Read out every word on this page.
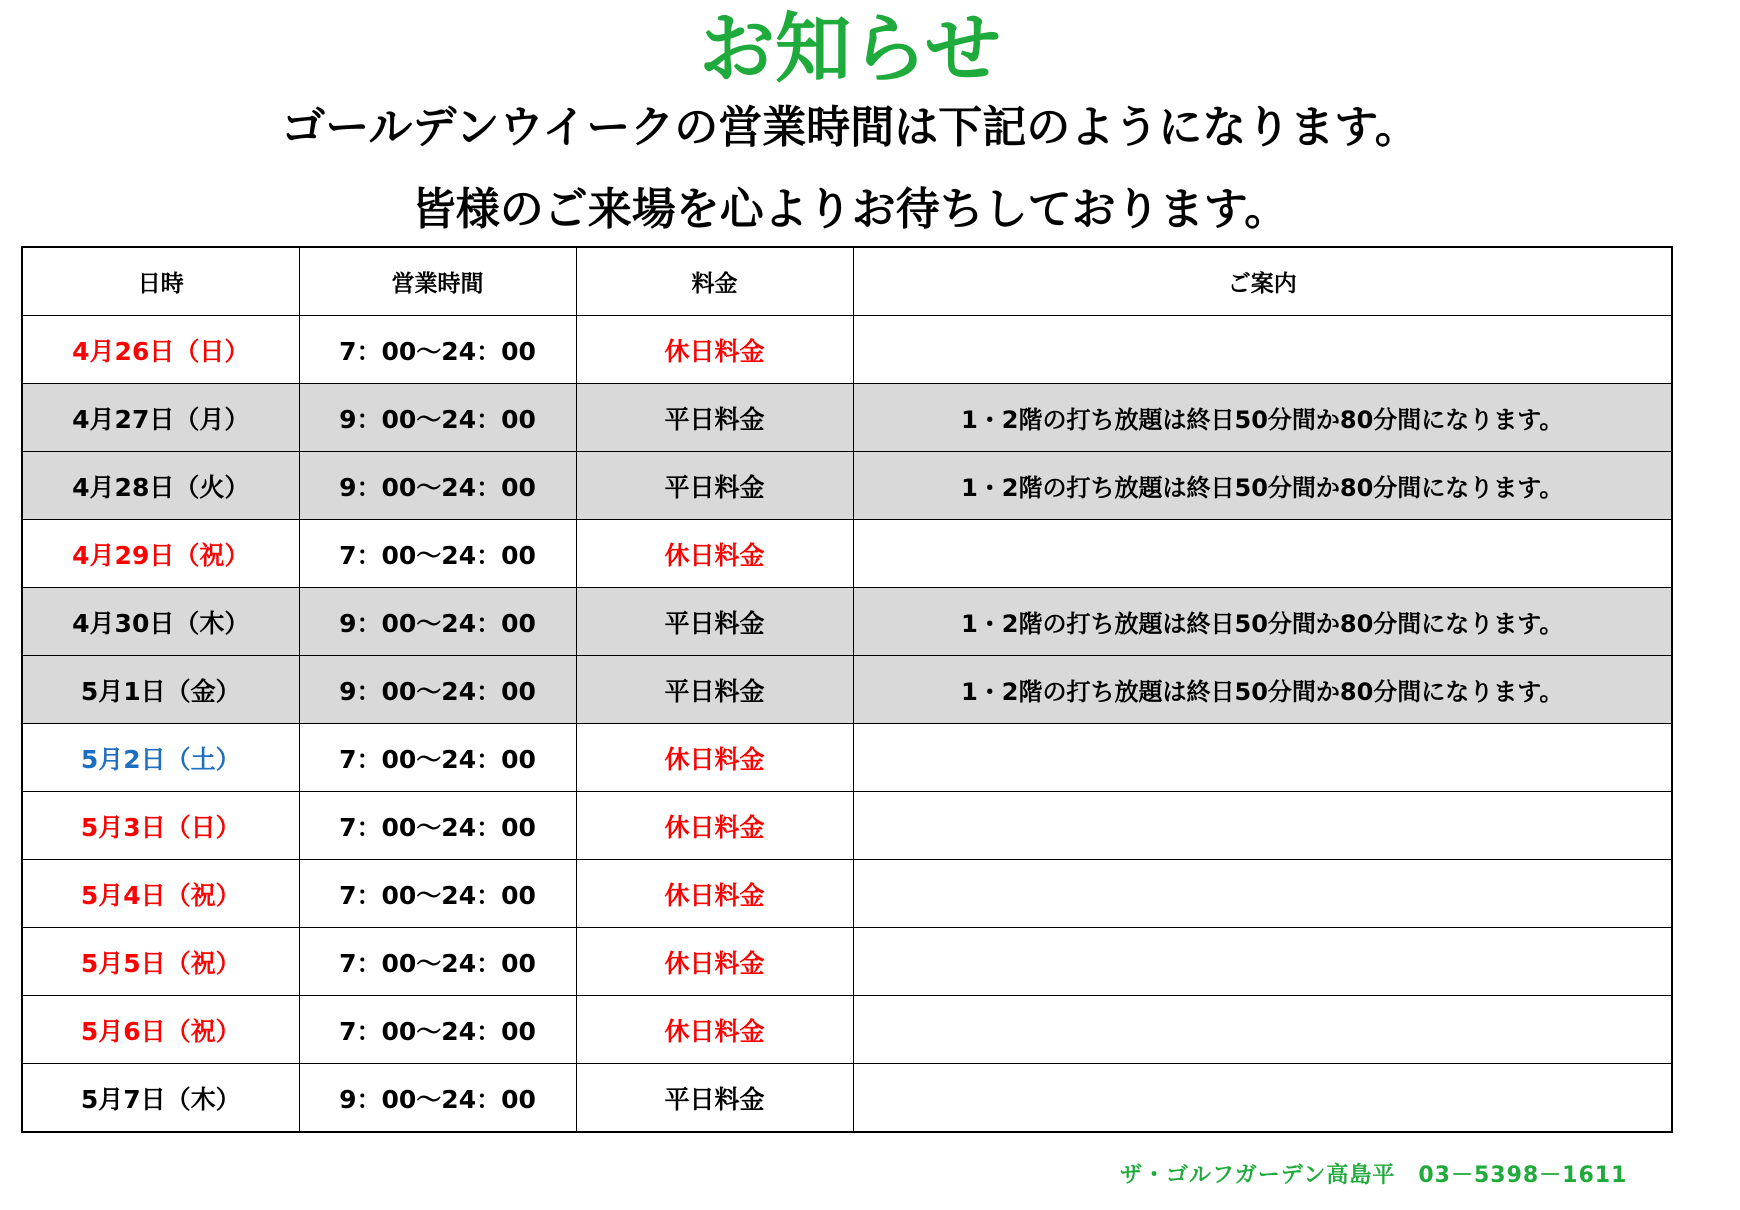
お知らせ
ゴールデンウイークの営業時間は下記のようになります。
皆様のご来場を心よりお待ちしております。
日時	営業時間	料金	ご案内
4月26日（日）	7：00～24：00	休日料金	
4月27日（月）	9：00～24：00	平日料金	1・2階の打ち放題は終日50分間か80分間になります。
4月28日（火）	9：00～24：00	平日料金	1・2階の打ち放題は終日50分間か80分間になります。
4月29日（祝）	7：00～24：00	休日料金	
4月30日（木）	9：00～24：00	平日料金	1・2階の打ち放題は終日50分間か80分間になります。
5月1日（金）	9：00～24：00	平日料金	1・2階の打ち放題は終日50分間か80分間になります。
5月2日（土）	7：00～24：00	休日料金	
5月3日（日）	7：00～24：00	休日料金	
5月4日（祝）	7：00～24：00	休日料金	
5月5日（祝）	7：00～24：00	休日料金	
5月6日（祝）	7：00～24：00	休日料金	
5月7日（木）	9：00～24：00	平日料金	
ザ・ゴルフガーデン高島平　03－5398－1611
